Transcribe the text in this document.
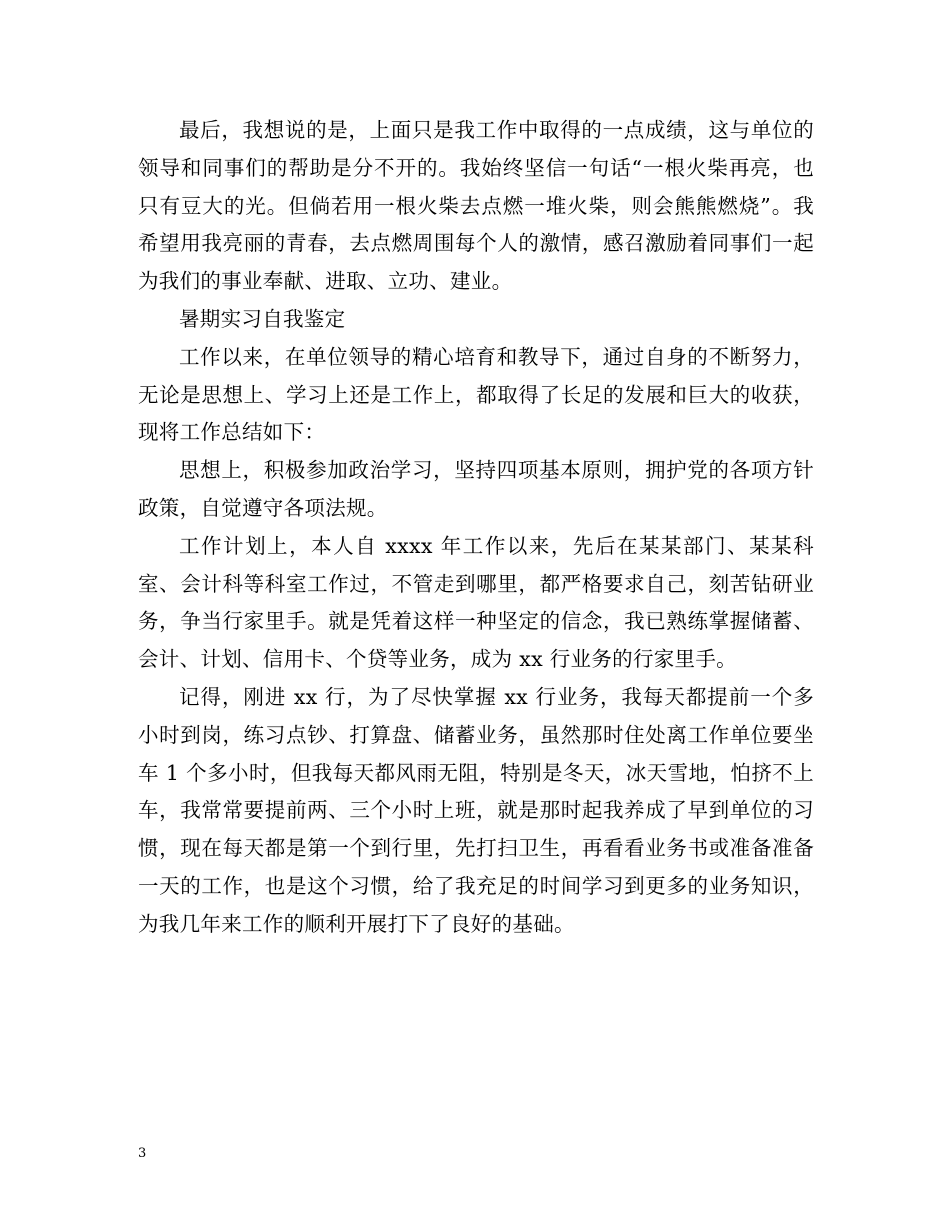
最后，我想说的是，上面只是我工作中取得的一点成绩，这与单位的领导和同事们的帮助是分不开的。我始终坚信一句话“一根火柴再亮，也只有豆大的光。但倘若用一根火柴去点燃一堆火柴，则会熊熊燃烧”。我希望用我亮丽的青春，去点燃周围每个人的激情，感召激励着同事们一起为我们的事业奉献、进取、立功、建业。

暑期实习自我鉴定

工作以来，在单位领导的精心培育和教导下，通过自身的不断努力，无论是思想上、学习上还是工作上，都取得了长足的发展和巨大的收获，现将工作总结如下：

思想上，积极参加政治学习，坚持四项基本原则，拥护党的各项方针政策，自觉遵守各项法规。

工作计划上，本人自 xxxx 年工作以来，先后在某某部门、某某科室、会计科等科室工作过，不管走到哪里，都严格要求自己，刻苦钻研业务，争当行家里手。就是凭着这样一种坚定的信念，我已熟练掌握储蓄、会计、计划、信用卡、个贷等业务，成为 xx 行业务的行家里手。

记得，刚进 xx 行，为了尽快掌握 xx 行业务，我每天都提前一个多小时到岗，练习点钞、打算盘、储蓄业务，虽然那时住处离工作单位要坐车 1 个多小时，但我每天都风雨无阻，特别是冬天，冰天雪地，怕挤不上车，我常常要提前两、三个小时上班，就是那时起我养成了早到单位的习惯，现在每天都是第一个到行里，先打扫卫生，再看看业务书或准备准备一天的工作，也是这个习惯，给了我充足的时间学习到更多的业务知识，为我几年来工作的顺利开展打下了良好的基础。

3
